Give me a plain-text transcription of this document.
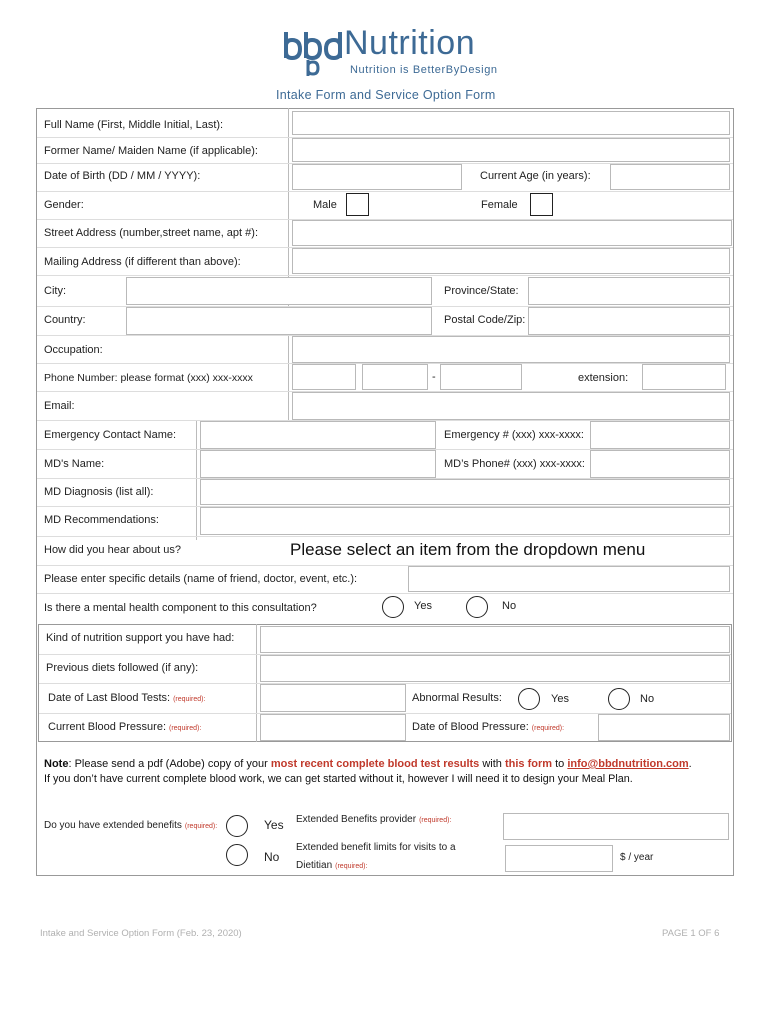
Nutrition
Nutrition is BetterByDesign
Intake Form and Service Option Form
Full Name (First, Middle Initial, Last):
Former Name/ Maiden Name (if applicable):
Date of Birth (DD / MM / YYYY):	Current Age (in years):
Gender:	Male	Female
Street Address (number,street name, apt #):
Mailing Address (if different than above):
City:	Province/State:
Country:	Postal Code/Zip:
Occupation:
Phone Number: please format (xxx) xxx-xxxx	-	extension:
Email:
Emergency Contact Name:	Emergency # (xxx) xxx-xxxx:
MD's Name:	MD’s Phone# (xxx) xxx-xxxx:
MD Diagnosis (list all):
MD Recommendations:
How did you hear about us?	Please select an item from the dropdown menu
Please enter specific details (name of friend, doctor, event, etc.):
Is there a mental health component to this consultation?	Yes	No
Kind of nutrition support you have had:
Previous diets followed (if any):
Date of Last Blood Tests: (required):	Abnormal Results:	Yes	No
Current Blood Pressure: (required):	Date of Blood Pressure: (required):
Note: Please send a pdf (Adobe) copy of your most recent complete blood test results with this form to info@bbdnutrition.com.
If you don’t have current complete blood work, we can get started without it, however I will need it to design your Meal Plan.
Do you have extended benefits (required):	Yes
No
Extended Benefits provider (required):
Extended benefit limits for visits to a
Dietitian (required):
$ / year
Intake and Service Option Form (Feb. 23, 2020)	PAGE 1 OF 6
